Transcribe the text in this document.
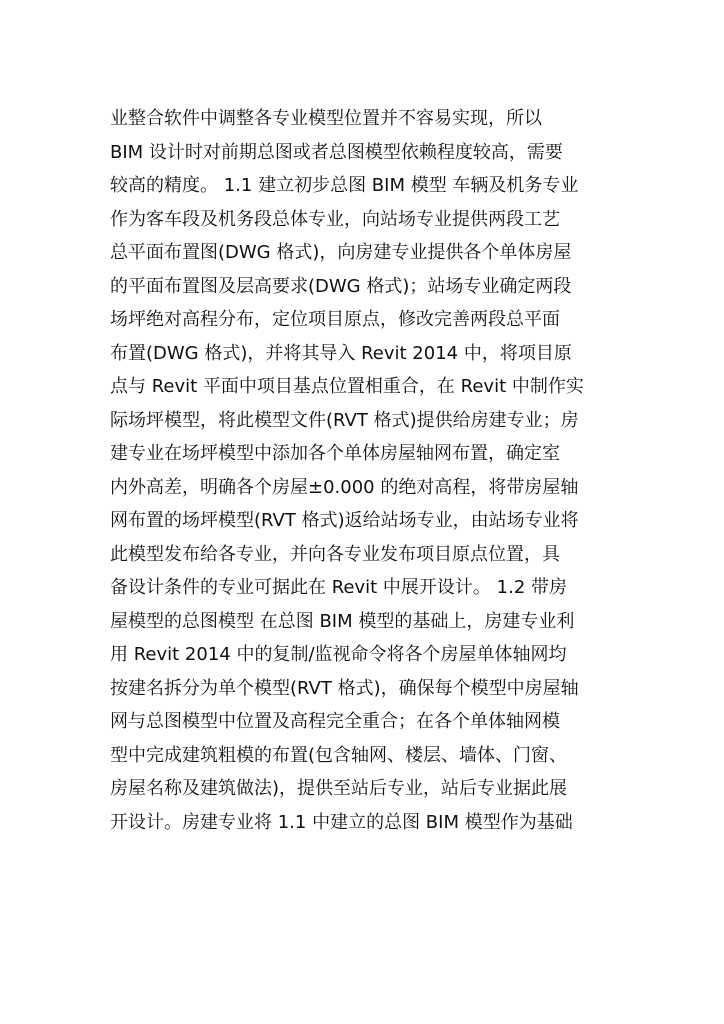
业整合软件中调整各专业模型位置并不容易实现，所以
BIM 设计时对前期总图或者总图模型依赖程度较高，需要
较高的精度。 1.1 建立初步总图 BIM 模型 车辆及机务专业
作为客车段及机务段总体专业，向站场专业提供两段工艺
总平面布置图(DWG 格式)，向房建专业提供各个单体房屋
的平面布置图及层高要求(DWG 格式)；站场专业确定两段
场坪绝对高程分布，定位项目原点，修改完善两段总平面
布置(DWG 格式)，并将其导入 Revit 2014 中，将项目原
点与 Revit 平面中项目基点位置相重合，在 Revit 中制作实
际场坪模型，将此模型文件(RVT 格式)提供给房建专业；房
建专业在场坪模型中添加各个单体房屋轴网布置，确定室
内外高差，明确各个房屋±0.000 的绝对高程，将带房屋轴
网布置的场坪模型(RVT 格式)返给站场专业，由站场专业将
此模型发布给各专业，并向各专业发布项目原点位置，具
备设计条件的专业可据此在 Revit 中展开设计。 1.2 带房
屋模型的总图模型 在总图 BIM 模型的基础上，房建专业利
用 Revit 2014 中的复制/监视命令将各个房屋单体轴网均
按建名拆分为单个模型(RVT 格式)，确保每个模型中房屋轴
网与总图模型中位置及高程完全重合；在各个单体轴网模
型中完成建筑粗模的布置(包含轴网、楼层、墙体、门窗、
房屋名称及建筑做法)，提供至站后专业，站后专业据此展
开设计。房建专业将 1.1 中建立的总图 BIM 模型作为基础
